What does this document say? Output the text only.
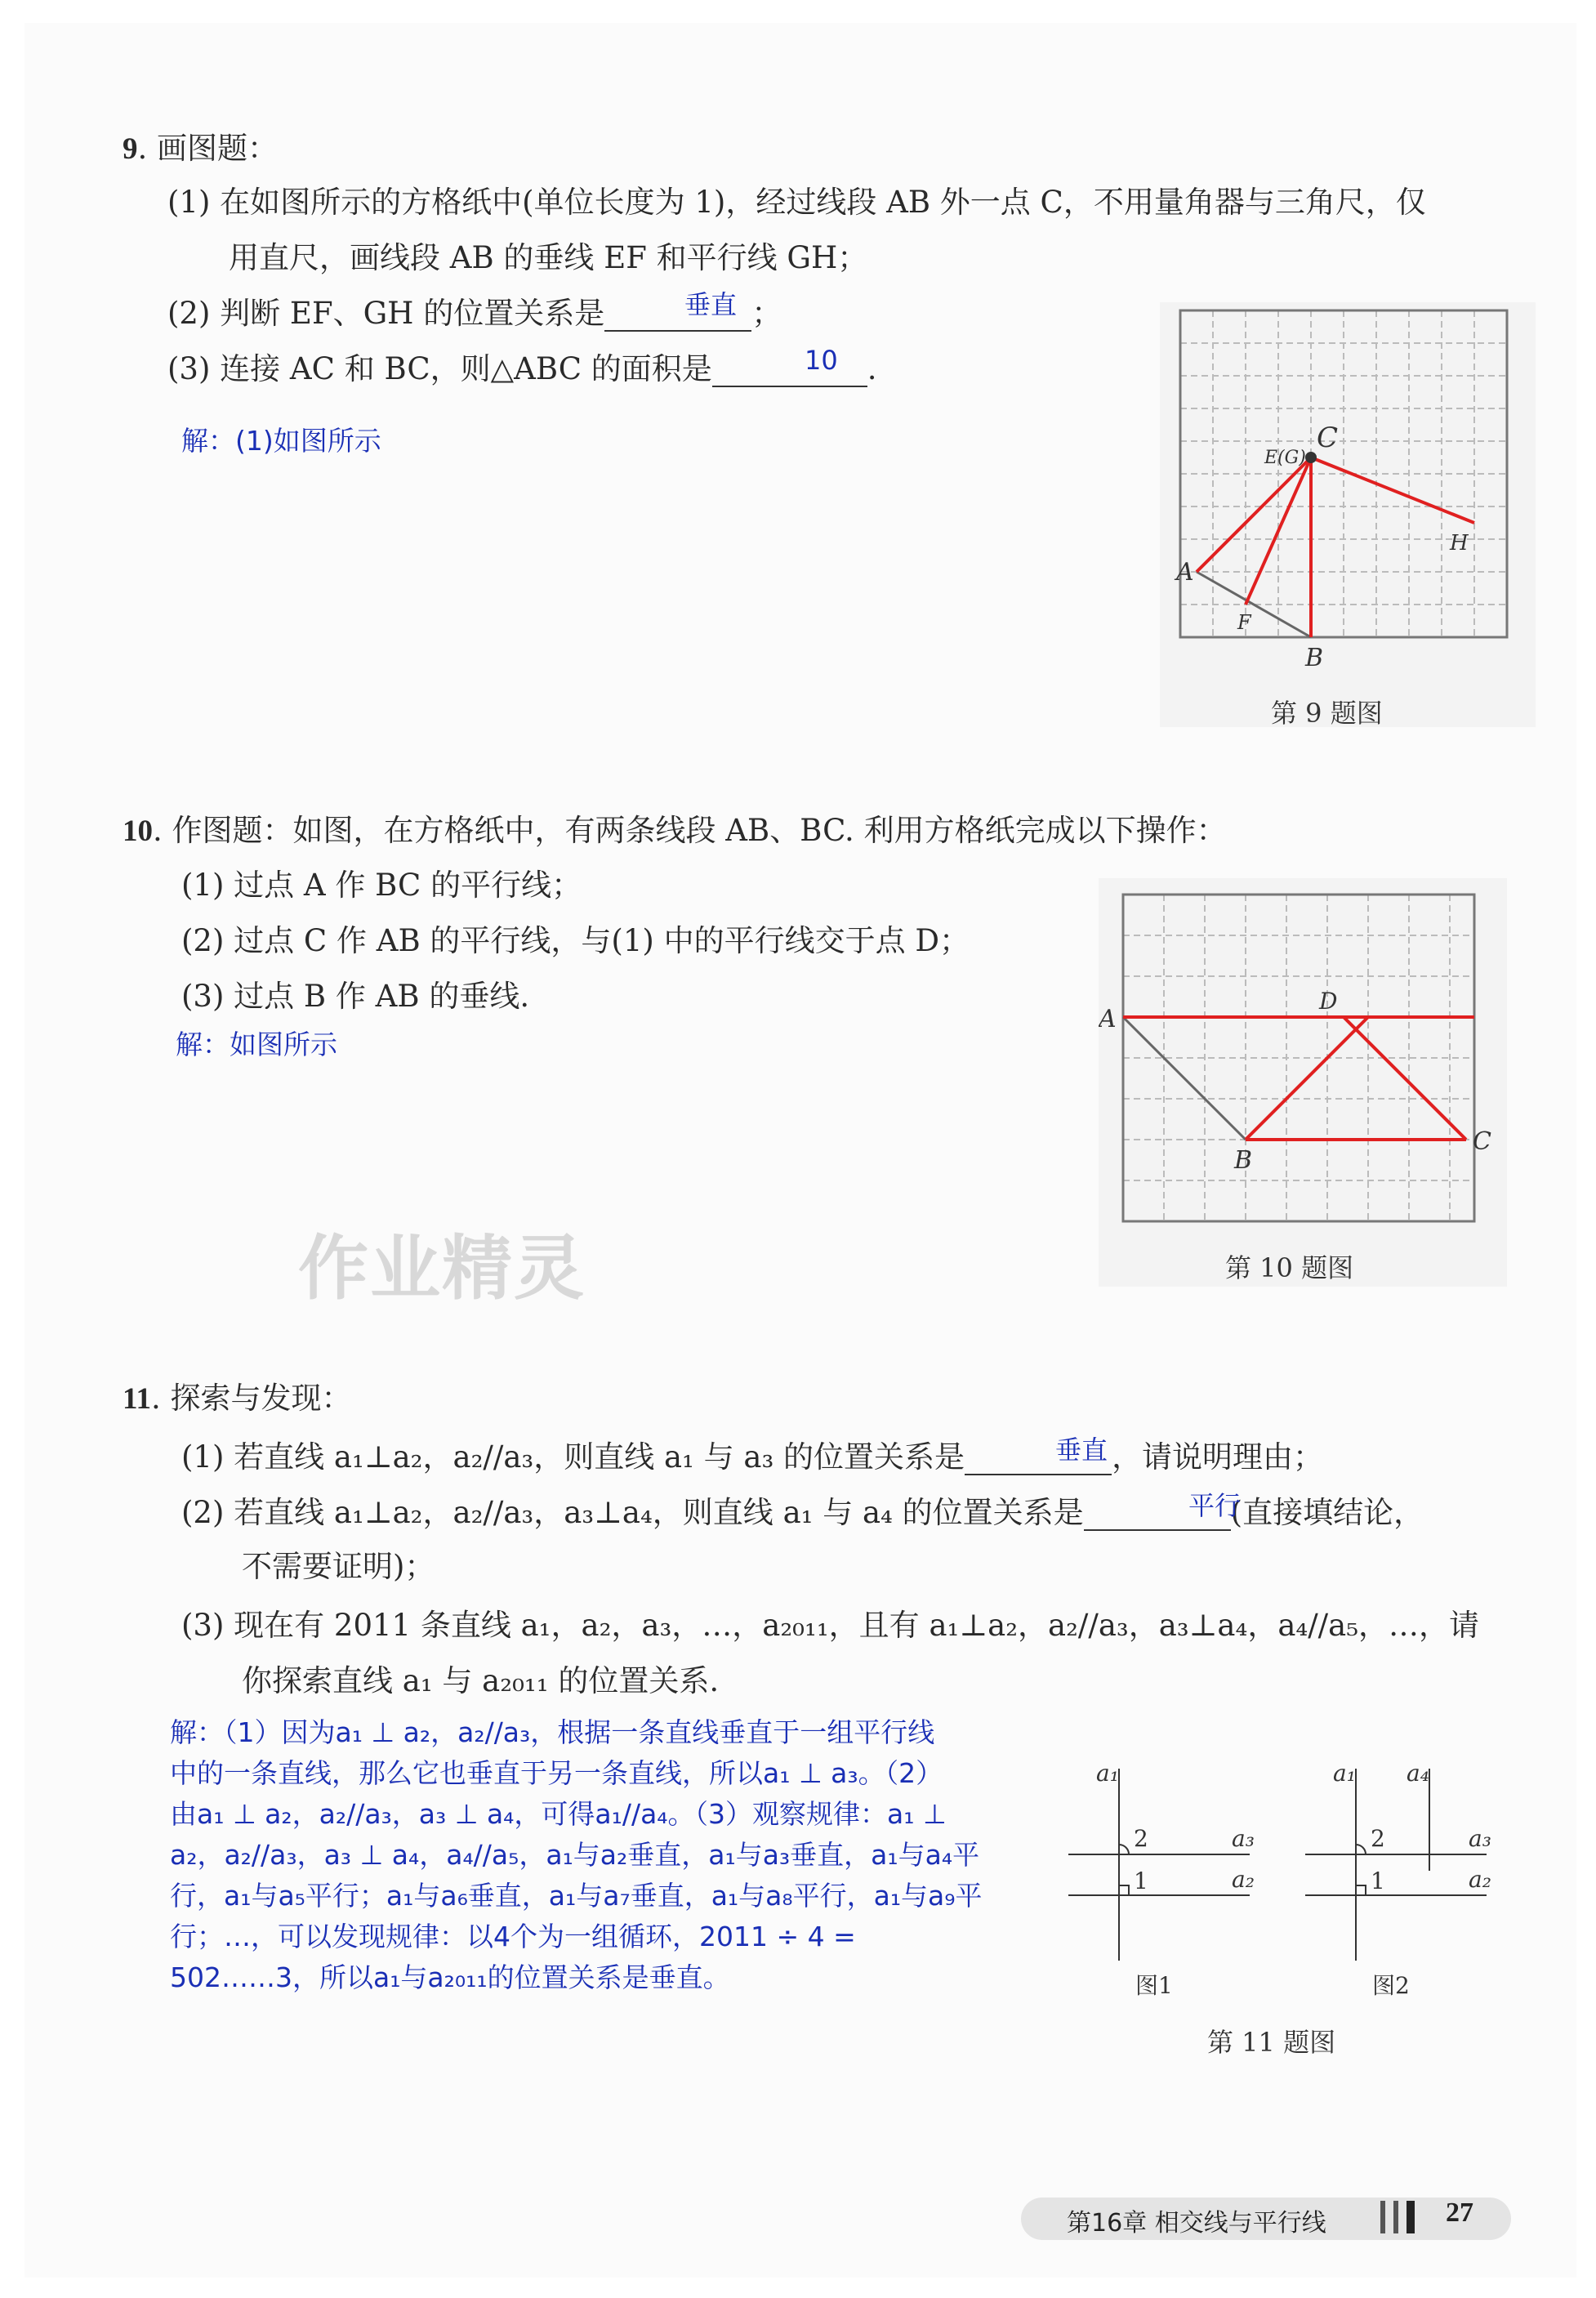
9. 画图题：
(1) 在如图所示的方格纸中(单位长度为 1)，经过线段 AB 外一点 C，不用量角器与三角尺，仅
用直尺，画线段 AB 的垂线 EF 和平行线 GH；
(2) 判断 EF、GH 的位置关系是	；
垂直
(3) 连接 AC 和 BC，则△ABC 的面积是	.
10
解：(1)如图所示	C
E(G)
A
B
F
H
第 9 题图
10. 作图题：如图，在方格纸中，有两条线段 AB、BC. 利用方格纸完成以下操作：
(1) 过点 A 作 BC 的平行线；
(2) 过点 C 作 AB 的平行线，与(1) 中的平行线交于点 D；
(3) 过点 B 作 AB 的垂线.
解：如图所示
A
D
B
C
第 10 题图
作业精灵
11. 探索与发现：
(1) 若直线 a₁⊥a₂，a₂//a₃，则直线 a₁ 与 a₃ 的位置关系是	，请说明理由；
垂直
(2) 若直线 a₁⊥a₂，a₂//a₃，a₃⊥a₄，则直线 a₁ 与 a₄ 的位置关系是	(直接填结论，
平行
不需要证明)；
(3) 现在有 2011 条直线 a₁，a₂，a₃，…，a₂₀₁₁，且有 a₁⊥a₂，a₂//a₃，a₃⊥a₄，a₄//a₅，…，请
你探索直线 a₁ 与 a₂₀₁₁ 的位置关系.
解：（1）因为a₁ ⊥ a₂，a₂//a₃，根据一条直线垂直于一组平行线
中的一条直线，那么它也垂直于另一条直线，所以a₁ ⊥ a₃。（2）
由a₁ ⊥ a₂，a₂//a₃，a₃ ⊥ a₄，可得a₁//a₄。（3）观察规律：a₁ ⊥
a₂，a₂//a₃，a₃ ⊥ a₄，a₄//a₅，a₁与a₂垂直，a₁与a₃垂直，a₁与a₄平
行，a₁与a₅平行；a₁与a₆垂直，a₁与a₇垂直，a₁与a₈平行，a₁与a₉平
行；…，可以发现规律：以4个为一组循环，2011 ÷ 4 =
502……3，所以a₁与a₂₀₁₁的位置关系是垂直。
a₁
a₃
a₂
2
1
图1
a₁ a₄
a₃
a₂
2
1
图2
第 11 题图
第16章 相交线与平行线	27
